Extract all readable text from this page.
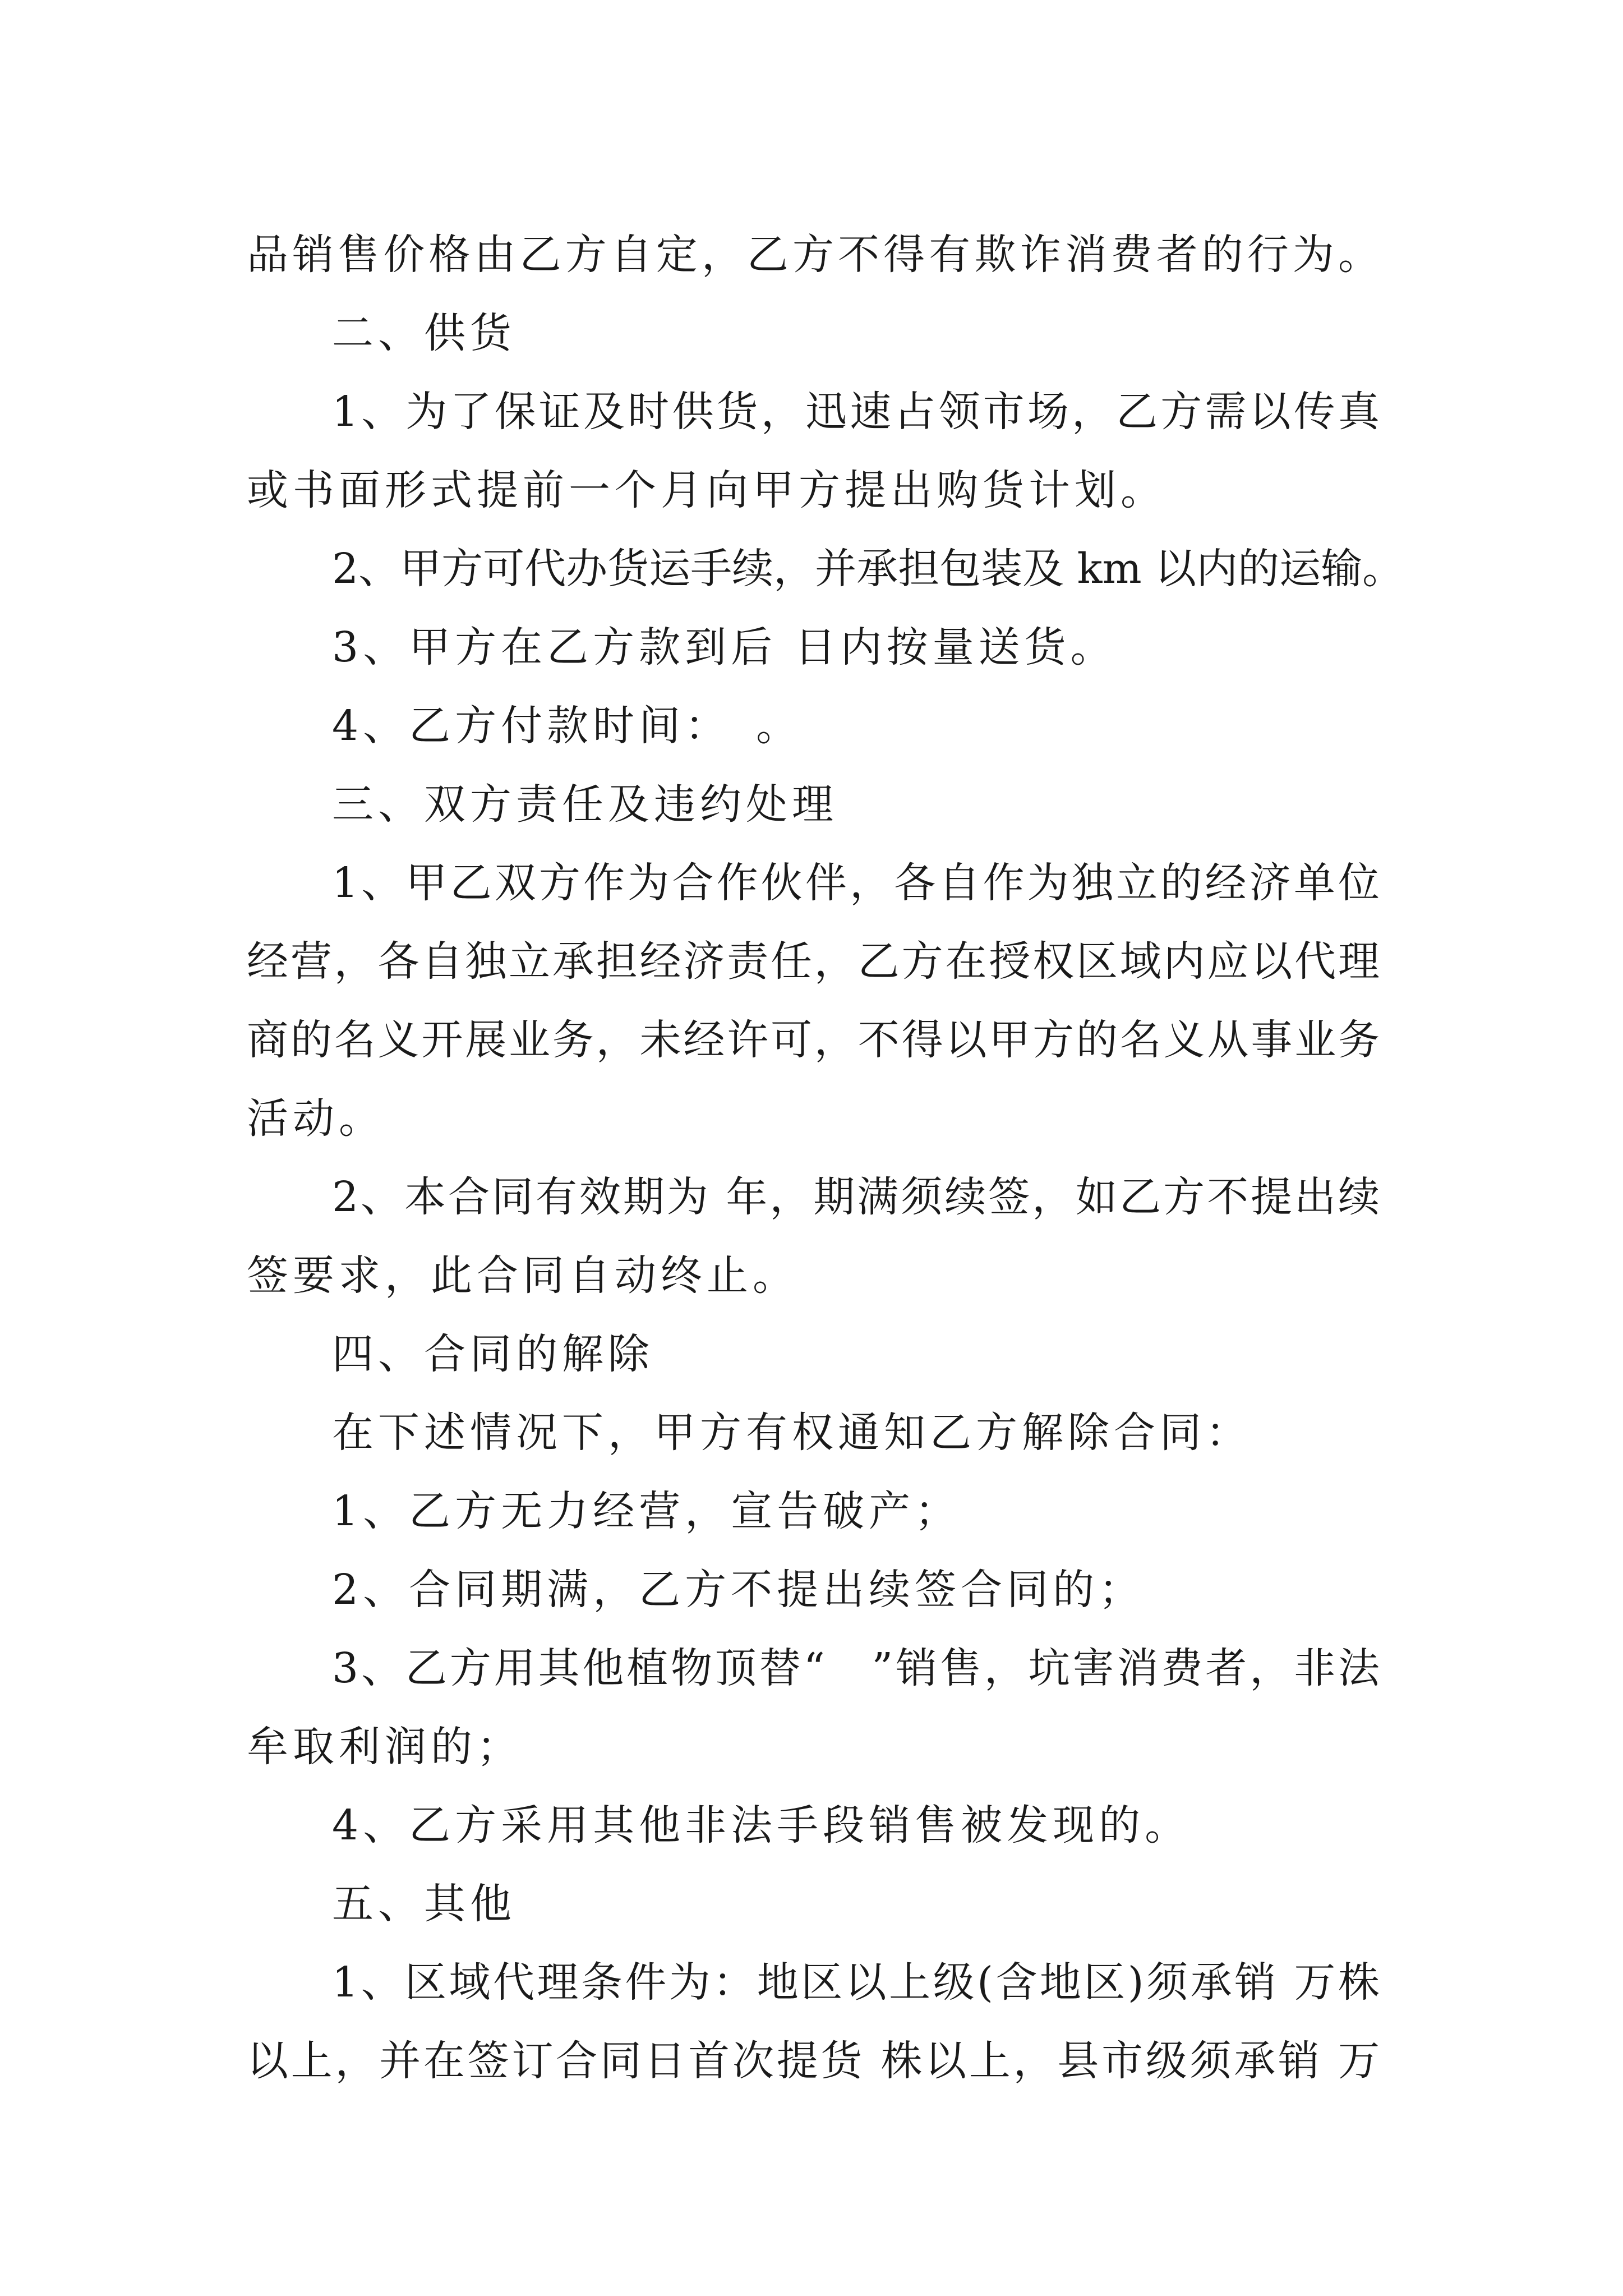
品销售价格由乙方自定，乙方不得有欺诈消费者的行为。
二、供货
1、为了保证及时供货，迅速占领市场，乙方需以传真
或书面形式提前一个月向甲方提出购货计划。
2、甲方可代办货运手续，并承担包装及 km 以内的运输。
3、甲方在乙方款到后 日内按量送货。
4、乙方付款时间：　。
三、双方责任及违约处理
1、甲乙双方作为合作伙伴，各自作为独立的经济单位
经营，各自独立承担经济责任，乙方在授权区域内应以代理
商的名义开展业务，未经许可，不得以甲方的名义从事业务
活动。
2、本合同有效期为 年，期满须续签，如乙方不提出续
签要求，此合同自动终止。
四、合同的解除
在下述情况下，甲方有权通知乙方解除合同：
1、乙方无力经营，宣告破产；
2、合同期满，乙方不提出续签合同的；
3、乙方用其他植物顶替“　”销售，坑害消费者，非法
牟取利润的；
4、乙方采用其他非法手段销售被发现的。
五、其他
1、区域代理条件为：地区以上级(含地区)须承销 万株
以上，并在签订合同日首次提货 株以上，县市级须承销 万
